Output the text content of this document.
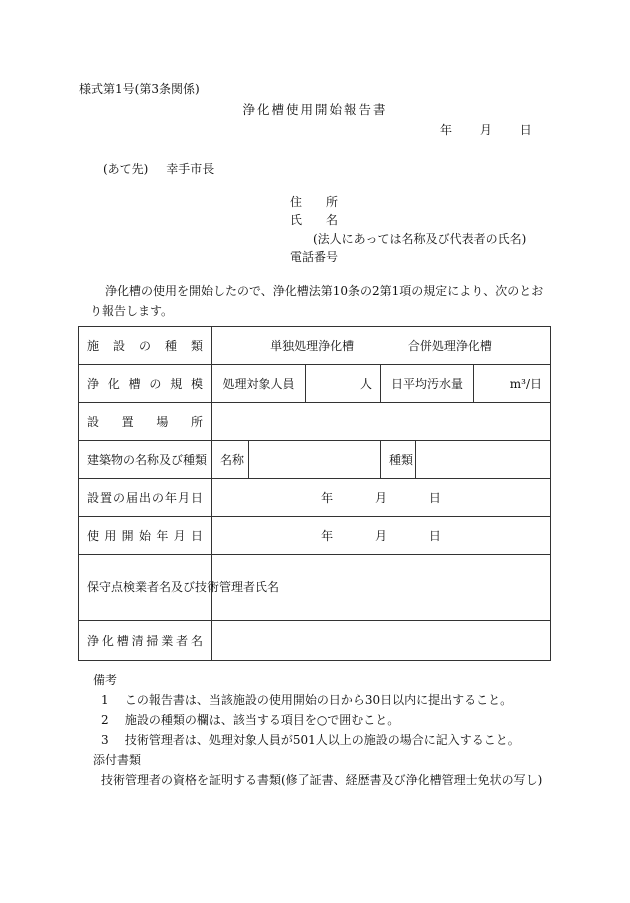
様式第1号(第3条関係)
浄化槽使用開始報告書
年 月 日
(あて先) 幸手市長
住　　所
氏　　名
(法人にあっては名称及び代表者の氏名)
電話番号
浄化槽の使用を開始したので、浄化槽法第10条の2第1項の規定により、次のとおり報告します。
施設の種類	単独処理浄化槽 合併処理浄化槽					
浄化槽の規模	処理対象人員		人	日平均汚水量		m³/日
設置場所						
建築物の名称及び種類	名称			種類		
設置の届出の年月日	年 月 日					
使用開始年月日	年 月 日					
保守点検業者名及び技術管理者氏名						
浄化槽清掃業者名						
備考
1 この報告書は、当該施設の使用開始の日から30日以内に提出すること。
2 施設の種類の欄は、該当する項目を○で囲むこと。
3 技術管理者は、処理対象人員が501人以上の施設の場合に記入すること。
添付書類
技術管理者の資格を証明する書類(修了証書、経歴書及び浄化槽管理士免状の写し)
